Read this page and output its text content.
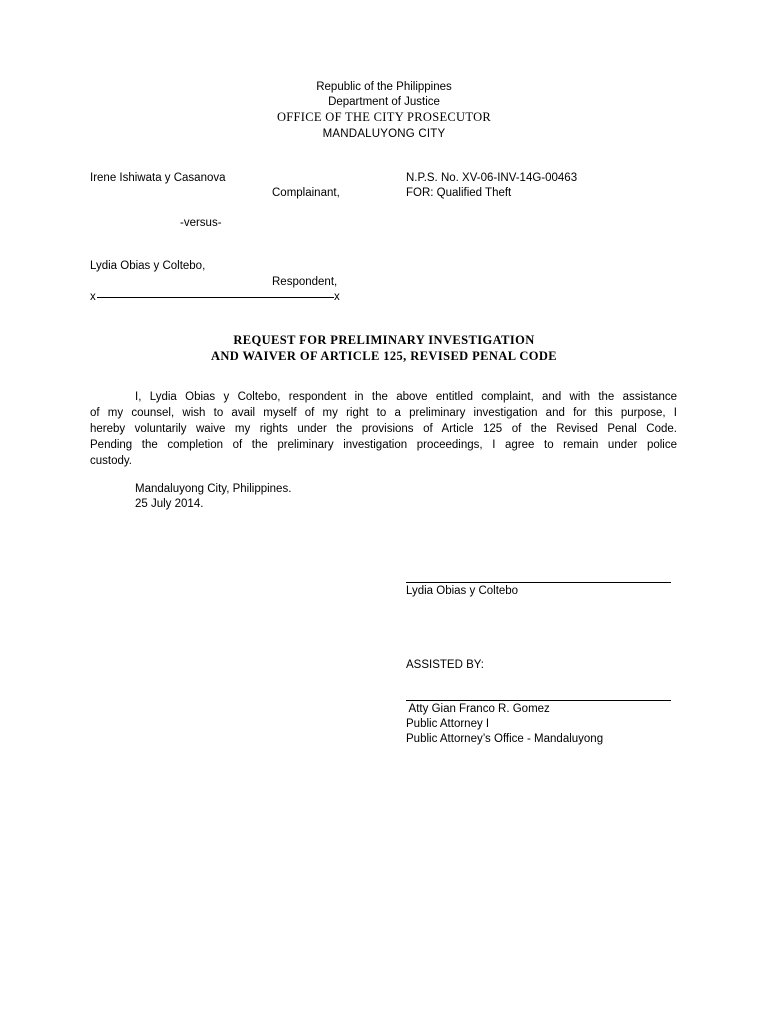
Republic of the Philippines
Department of Justice
OFFICE OF THE CITY PROSECUTOR
MANDALUYONG CITY
Irene Ishiwata y Casanova
Complainant,
N.P.S. No. XV-06-INV-14G-00463
FOR: Qualified Theft
-versus-
Lydia Obias y Coltebo,
Respondent,
x	x
REQUEST FOR PRELIMINARY INVESTIGATION
AND WAIVER OF ARTICLE 125, REVISED PENAL CODE
I, Lydia Obias y Coltebo, respondent in the above entitled complaint, and with the assistance
of my counsel, wish to avail myself of my right to a preliminary investigation and for this purpose, I
hereby voluntarily waive my rights under the provisions of Article 125 of the Revised Penal Code.
Pending the completion of the preliminary investigation proceedings, I agree to remain under police
custody.
Mandaluyong City, Philippines.
25 July 2014.
Lydia Obias y Coltebo
ASSISTED BY:
Atty Gian Franco R. Gomez
Public Attorney I
Public Attorney’s Office - Mandaluyong
